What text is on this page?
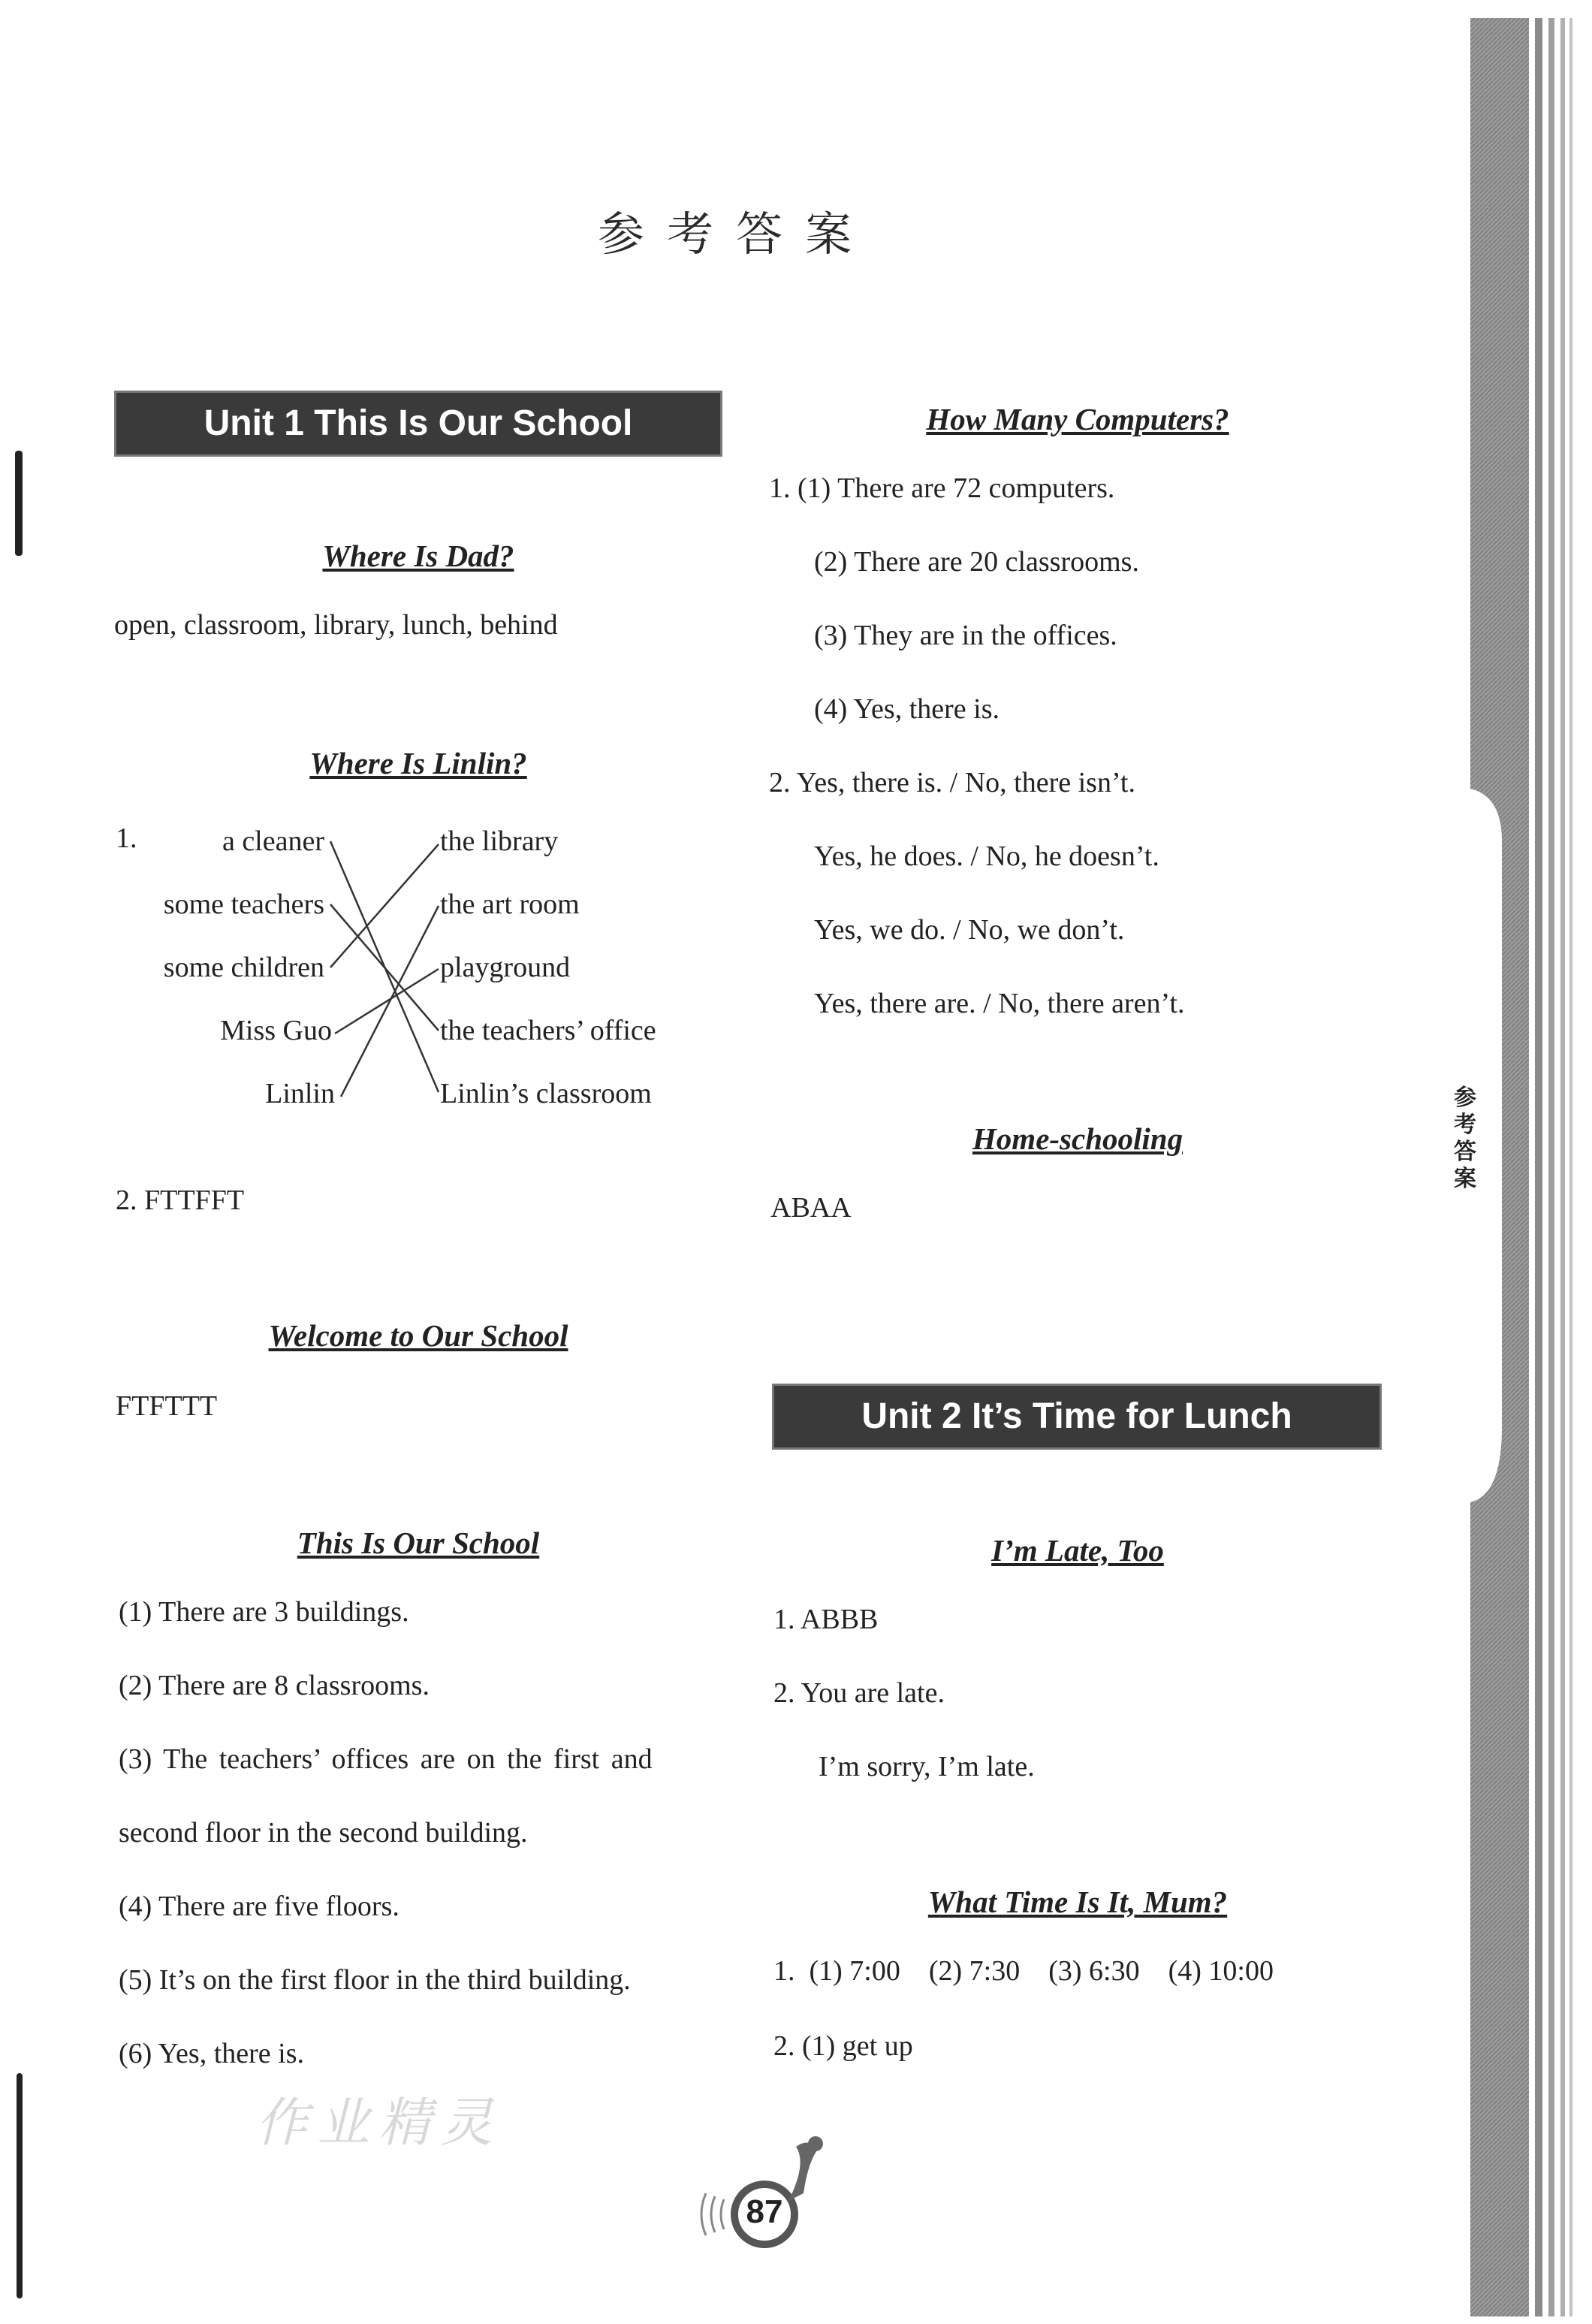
参考答案
Unit 1 This Is Our School
Where Is Dad?
open, classroom, library, lunch, behind
Where Is Linlin?
1.	a cleaner
some teachers
some children
Miss Guo
Linlin
the library
the art room
playground
the teachers’ office
Linlin’s classroom
2. FTTFFT
Welcome to Our School
FTFTTT
This Is Our School
(1) There are 3 buildings.
(2) There are 8 classrooms.
(3) The teachers’ offices are on the first and
second floor in the second building.
(4) There are five floors.
(5) It’s on the first floor in the third building.
(6) Yes, there is.
作业精灵
How Many Computers?
1. (1) There are 72 computers.
(2) There are 20 classrooms.
(3) They are in the offices.
(4) Yes, there is.
2. Yes, there is. / No, there isn’t.
Yes, he does. / No, he doesn’t.
Yes, we do. / No, we don’t.
Yes, there are. / No, there aren’t.
Home-schooling
ABAA
Unit 2 It’s Time for Lunch
I’m Late, Too
1. ABBB
2. You are late.
I’m sorry, I’m late.
What Time Is It, Mum?
1.  (1) 7:00    (2) 7:30    (3) 6:30    (4) 10:00
2. (1) get up
参考答案
87
